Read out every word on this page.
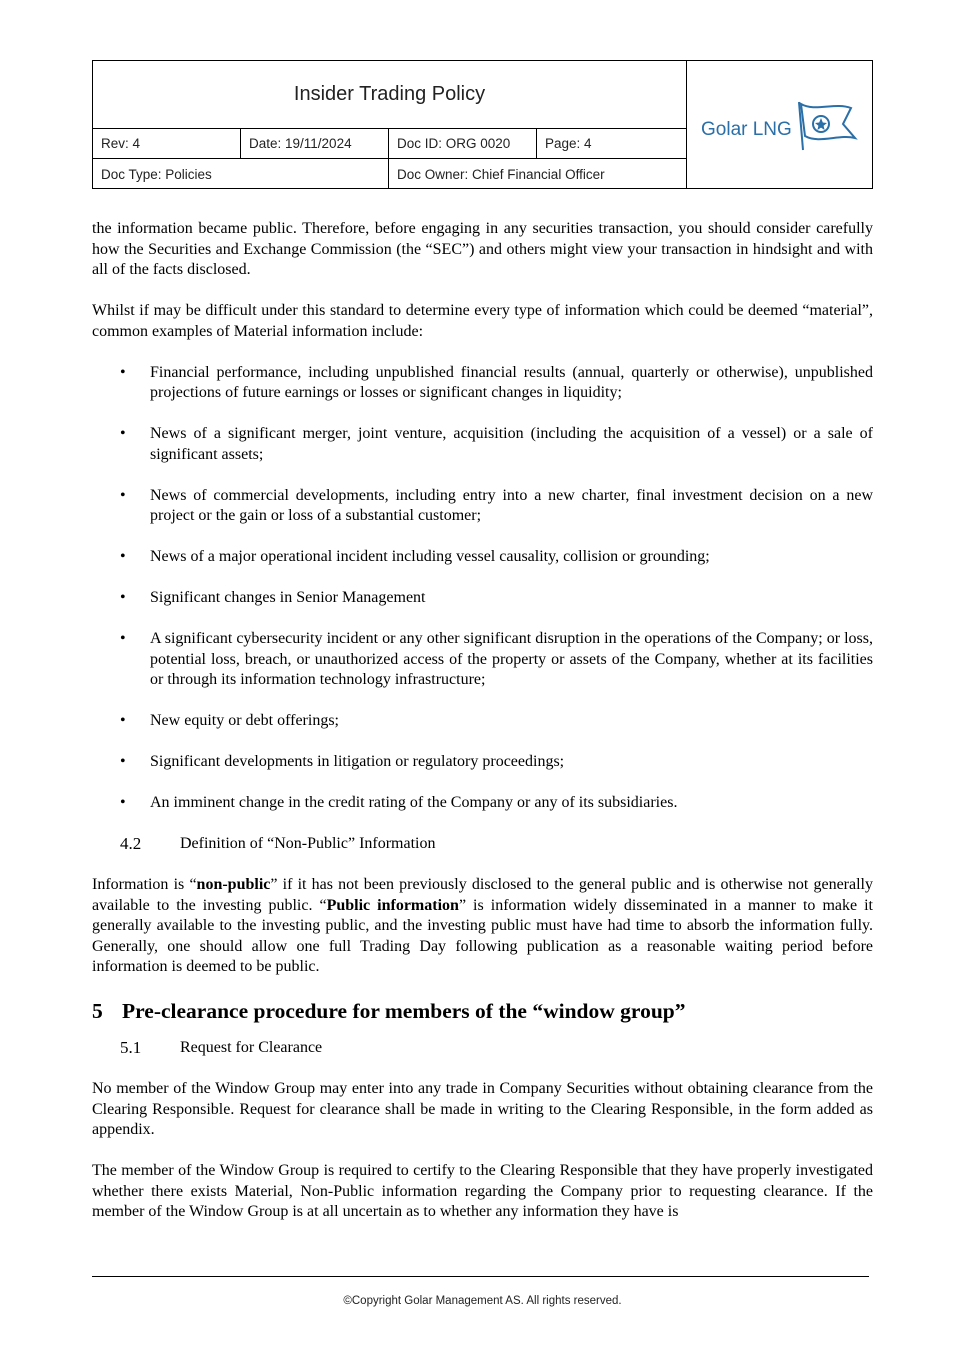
Insider Trading Policy
Rev: 4	Date: 19/11/2024	Doc ID: ORG 0020	Page: 4
Doc Type: Policies	Doc Owner: Chief Financial Officer
Golar LNG

the information became public. Therefore, before engaging in any securities transaction, you should consider carefully how the Securities and Exchange Commission (the “SEC”) and others might view your transaction in hindsight and with all of the facts disclosed.

Whilst if may be difficult under this standard to determine every type of information which could be deemed “material”, common examples of Material information include:

• Financial performance, including unpublished financial results (annual, quarterly or otherwise), unpublished projections of future earnings or losses or significant changes in liquidity;
• News of a significant merger, joint venture, acquisition (including the acquisition of a vessel) or a sale of significant assets;
• News of commercial developments, including entry into a new charter, final investment decision on a new project or the gain or loss of a substantial customer;
• News of a major operational incident including vessel causality, collision or grounding;
• Significant changes in Senior Management
• A significant cybersecurity incident or any other significant disruption in the operations of the Company; or loss, potential loss, breach, or unauthorized access of the property or assets of the Company, whether at its facilities or through its information technology infrastructure;
• New equity or debt offerings;
• Significant developments in litigation or regulatory proceedings;
• An imminent change in the credit rating of the Company or any of its subsidiaries.
4.2	Definition of “Non-Public” Information

Information is “non-public” if it has not been previously disclosed to the general public and is otherwise not generally available to the investing public. “Public information” is information widely disseminated in a manner to make it generally available to the investing public, and the investing public must have had time to absorb the information fully. Generally, one should allow one full Trading Day following publication as a reasonable waiting period before information is deemed to be public.

5 Pre-clearance procedure for members of the “window group”
5.1	Request for Clearance

No member of the Window Group may enter into any trade in Company Securities without obtaining clearance from the Clearing Responsible. Request for clearance shall be made in writing to the Clearing Responsible, in the form added as appendix.

The member of the Window Group is required to certify to the Clearing Responsible that they have properly investigated whether there exists Material, Non-Public information regarding the Company prior to requesting clearance. If the member of the Window Group is at all uncertain as to whether any information they have is

©Copyright Golar Management AS. All rights reserved.
